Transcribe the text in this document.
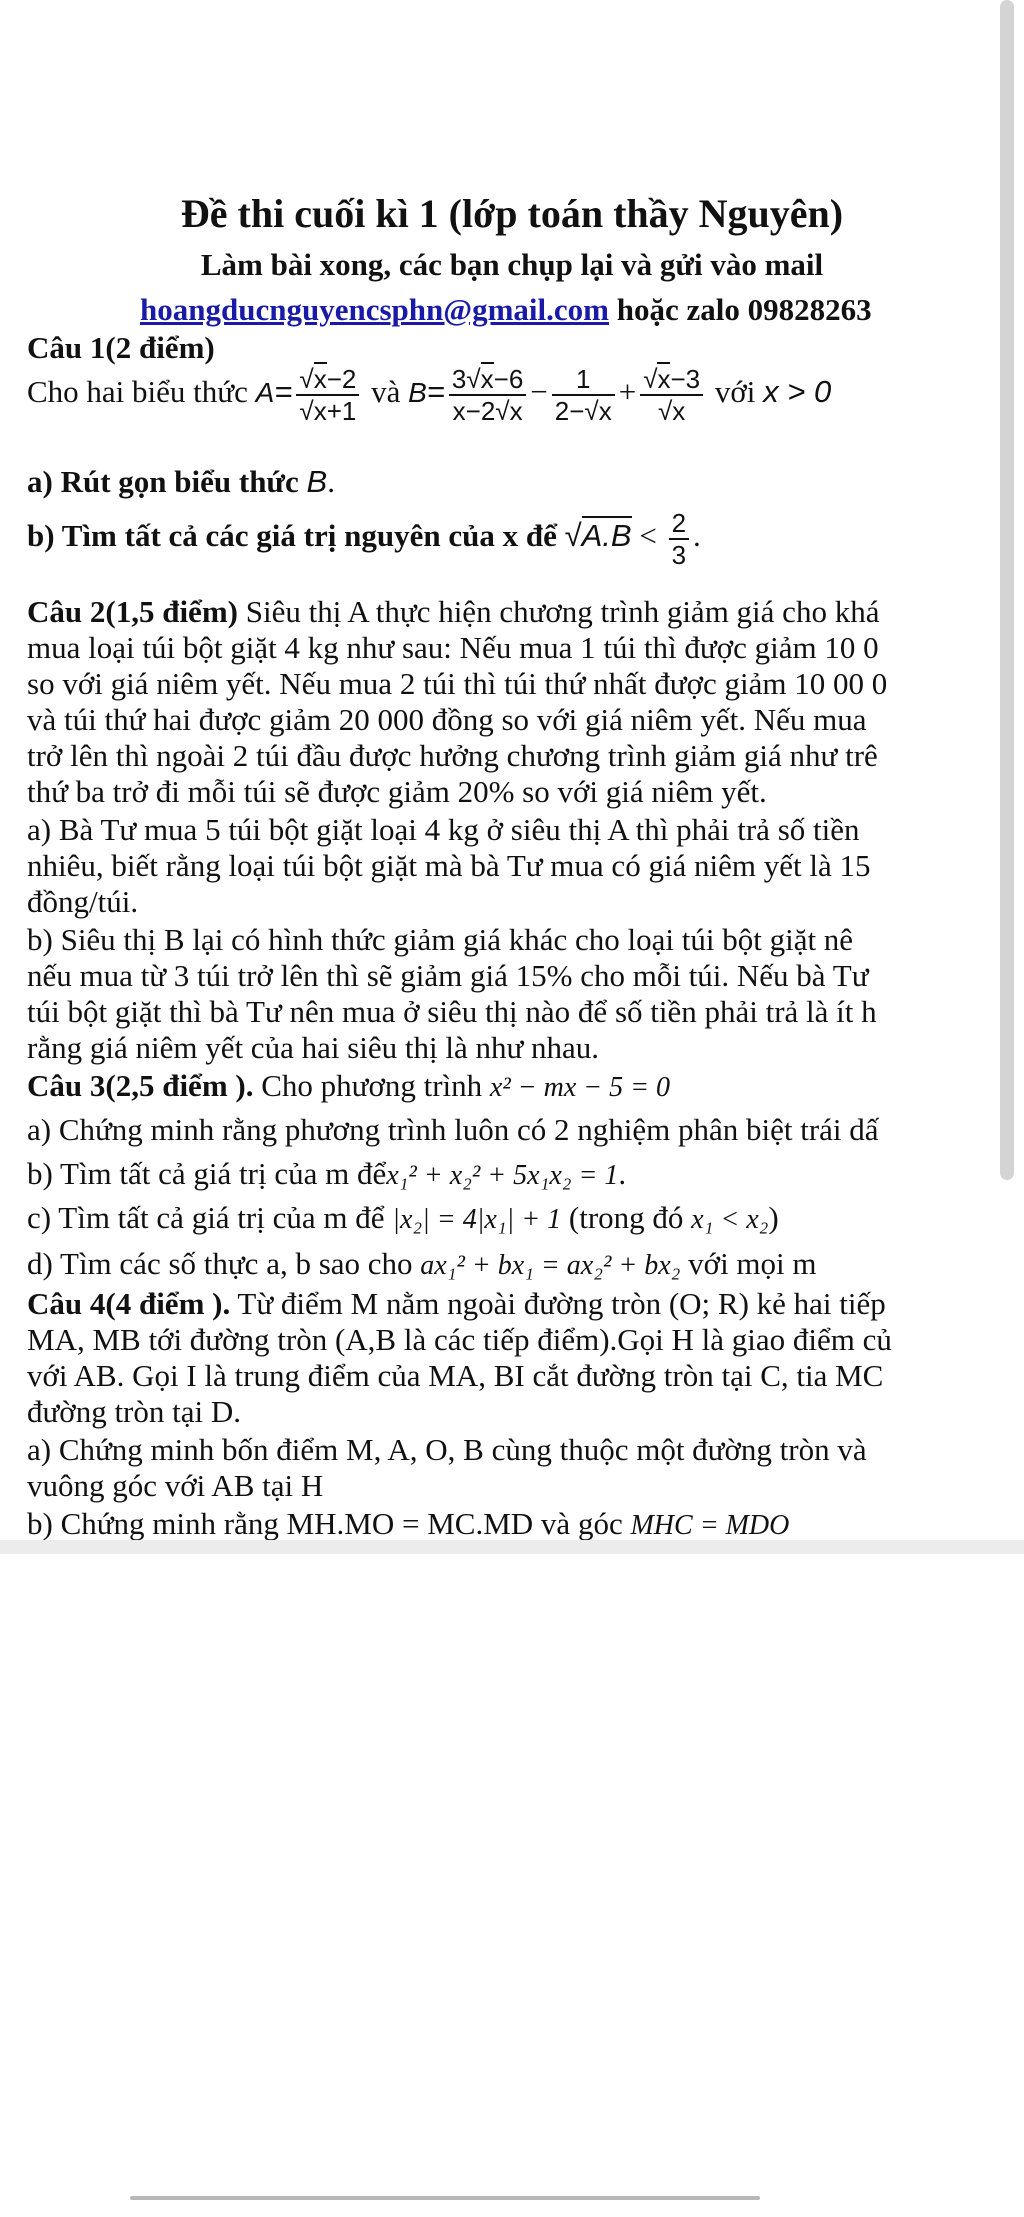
Đề thi cuối kì 1 (lớp toán thầy Nguyên)
Làm bài xong, các bạn chụp lại và gửi vào mail
hoangducnguyencsphn@gmail.com hoặc zalo 09828263
Câu 1(2 điểm)
Cho hai biểu thức $A= \frac{√x-2}{√x+1}$ và $B= \frac{3√x-6}{x-2√x} - \frac{1}{2-√x} + \frac{√x-3}{√x}$ với x > 0
a) Rút gọn biểu thức B.
b) Tìm tất cả các giá trị nguyên của x để $√A.B < \frac{2}{3}$ .
Câu 2(1,5 điểm) Siêu thị A thực hiện chương trình giảm giá cho khá
mua loại túi bột giặt 4 kg như sau: Nếu mua 1 túi thì được giảm 10 0
so với giá niêm yết. Nếu mua 2 túi thì túi thứ nhất được giảm 10 00 0
và túi thứ hai được giảm 20 000 đồng so với giá niêm yết. Nếu mua
trở lên thì ngoài 2 túi đầu được hưởng chương trình giảm giá như trê
thứ ba trở đi mỗi túi sẽ được giảm 20% so với giá niêm yết.
a) Bà Tư mua 5 túi bột giặt loại 4 kg ở siêu thị A thì phải trả số tiền
nhiêu, biết rằng loại túi bột giặt mà bà Tư mua có giá niêm yết là 15
đồng/túi.
b) Siêu thị B lại có hình thức giảm giá khác cho loại túi bột giặt nê
nếu mua từ 3 túi trở lên thì sẽ giảm giá 15% cho mỗi túi. Nếu bà Tư
túi bột giặt thì bà Tư nên mua ở siêu thị nào để số tiền phải trả là ít h
rằng giá niêm yết của hai siêu thị là như nhau.
Câu 3(2,5 điểm ). Cho phương trình x² − mx − 5 = 0
a) Chứng minh rằng phương trình luôn có 2 nghiệm phân biệt trái dấ
b) Tìm tất cả giá trị của m đểx₁² + x₂² + 5x₁x₂ = 1.
c) Tìm tất cả giá trị của m để |x₂| = 4|x₁| + 1 (trong đó x₁ < x₂)
d) Tìm các số thực a, b sao cho ax₁² + bx₁ = ax₂² + bx₂ với mọi m
Câu 4(4 điểm ). Từ điểm M nằm ngoài đường tròn (O; R) kẻ hai tiếp
MA, MB tới đường tròn (A,B là các tiếp điểm).Gọi H là giao điểm củ
với AB. Gọi I là trung điểm của MA, BI cắt đường tròn tại C, tia MC
đường tròn tại D.
a) Chứng minh bốn điểm M, A, O, B cùng thuộc một đường tròn và
vuông góc với AB tại H
b) Chứng minh rằng MH.MO = MC.MD và góc MHC = MDO
